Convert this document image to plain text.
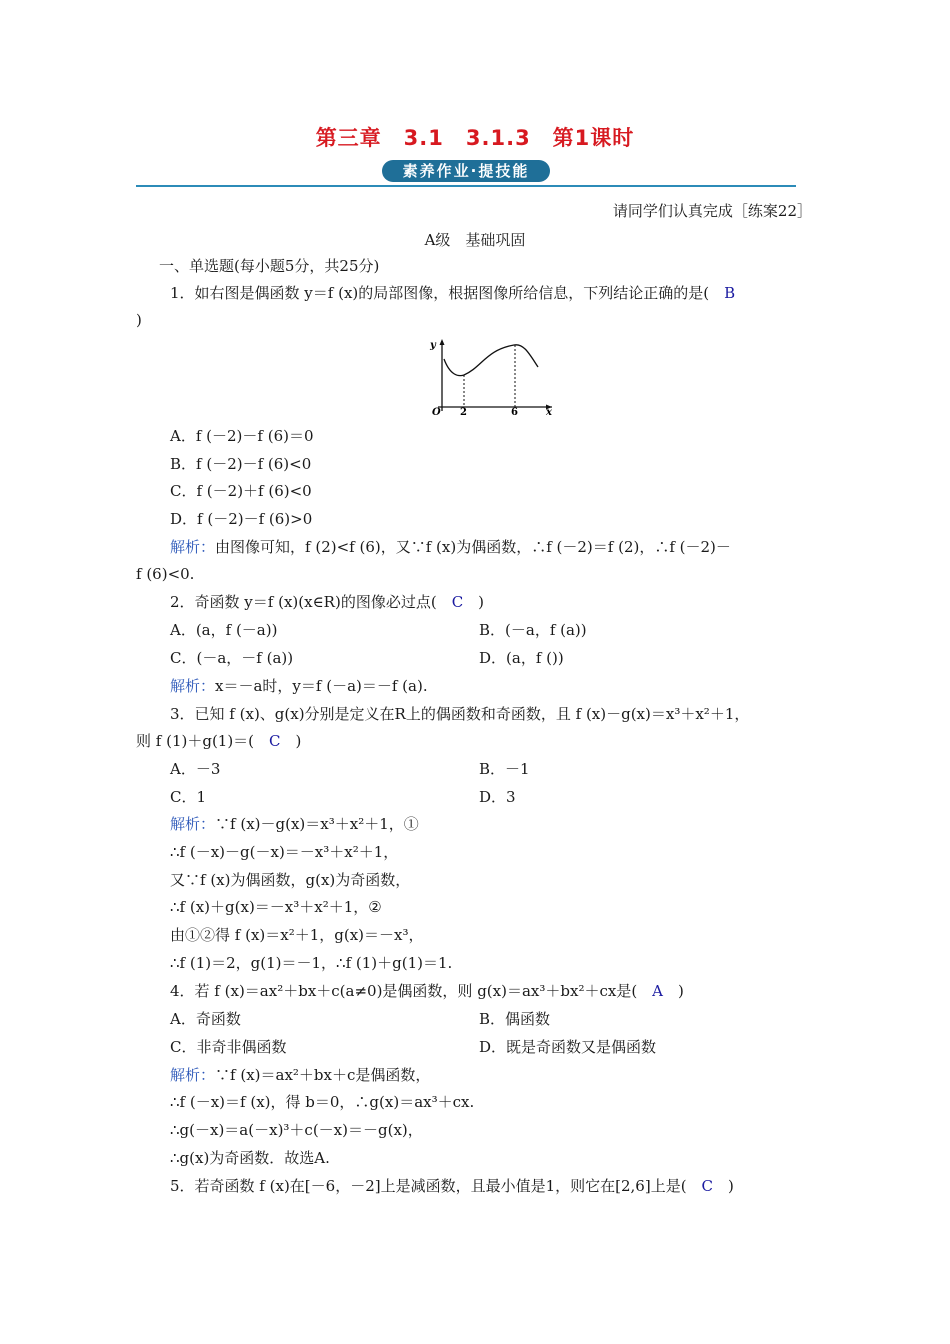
第三章　3.1　3.1.3　第1课时
素养作业·提技能
请同学们认真完成［练案22］
A级　基础巩固
一、单选题(每小题5分，共25分)
1．如右图是偶函数 y＝f (x)的局部图像，根据图像所给信息，下列结论正确的是(　B
)
y
O 2	6	x
A．f (－2)－f (6)＝0
B．f (－2)－f (6)<0
C．f (－2)＋f (6)<0
D．f (－2)－f (6)>0
解析：由图像可知，f (2)<f (6)，又∵f (x)为偶函数，∴f (－2)＝f (2)，∴f (－2)－
f (6)<0.
2．奇函数 y＝f (x)(x∈R)的图像必过点(　C　)
A．(a，f (－a))	B．(－a，f (a))
C．(－a，－f (a))	D．(a，f ())
解析：x＝－a时，y＝f (－a)＝－f (a).
3．已知 f (x)、g(x)分别是定义在R上的偶函数和奇函数，且 f (x)－g(x)＝x³＋x²＋1，
则 f (1)＋g(1)＝(　C　)
A．－3	B．－1
C．1	D．3
解析：∵f (x)－g(x)＝x³＋x²＋1，①
∴f (－x)－g(－x)＝－x³＋x²＋1，
又∵f (x)为偶函数，g(x)为奇函数，
∴f (x)＋g(x)＝－x³＋x²＋1，②
由①②得 f (x)＝x²＋1，g(x)＝－x³，
∴f (1)＝2，g(1)＝－1，∴f (1)＋g(1)＝1.
4．若 f (x)＝ax²＋bx＋c(a≠0)是偶函数，则 g(x)＝ax³＋bx²＋cx是(　A　)
A．奇函数	B．偶函数
C．非奇非偶函数	D．既是奇函数又是偶函数
解析：∵f (x)＝ax²＋bx＋c是偶函数，
∴f (－x)＝f (x)，得 b＝0，∴g(x)＝ax³＋cx.
∴g(－x)＝a(－x)³＋c(－x)＝－g(x)，
∴g(x)为奇函数．故选A.
5．若奇函数 f (x)在[－6，－2]上是减函数，且最小值是1，则它在[2,6]上是(　C　)
